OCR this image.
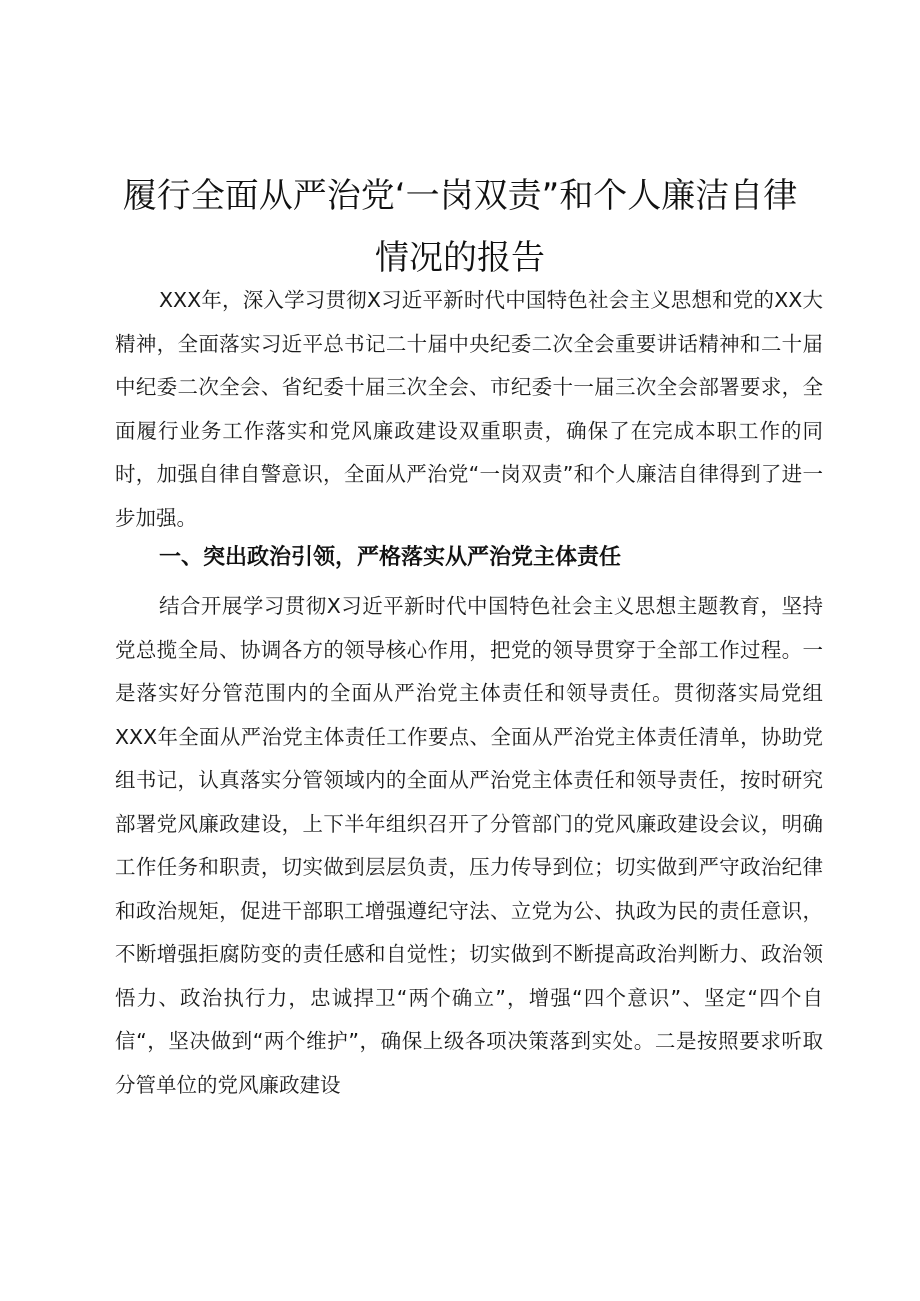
履行全面从严治党‘一岗双责”和个人廉洁自律
情况的报告

XXX年，深入学习贯彻X习近平新时代中国特色社会主义思想和党的XX大精神，全面落实习近平总书记二十届中央纪委二次全会重要讲话精神和二十届中纪委二次全会、省纪委十届三次全会、市纪委十一届三次全会部署要求，全面履行业务工作落实和党风廉政建设双重职责，确保了在完成本职工作的同时，加强自律自警意识，全面从严治党“一岗双责”和个人廉洁自律得到了进一步加强。

一、突出政治引领，严格落实从严治党主体责任

结合开展学习贯彻X习近平新时代中国特色社会主义思想主题教育，坚持党总揽全局、协调各方的领导核心作用，把党的领导贯穿于全部工作过程。一是落实好分管范围内的全面从严治党主体责任和领导责任。贯彻落实局党组XXX年全面从严治党主体责任工作要点、全面从严治党主体责任清单，协助党组书记，认真落实分管领域内的全面从严治党主体责任和领导责任，按时研究部署党风廉政建设，上下半年组织召开了分管部门的党风廉政建设会议，明确工作任务和职责，切实做到层层负责，压力传导到位；切实做到严守政治纪律和政治规矩，促进干部职工增强遵纪守法、立党为公、执政为民的责任意识，不断增强拒腐防变的责任感和自觉性；切实做到不断提高政治判断力、政治领悟力、政治执行力，忠诚捍卫“两个确立”，增强“四个意识”、坚定“四个自信“，坚决做到“两个维护”，确保上级各项决策落到实处。二是按照要求听取分管单位的党风廉政建设
